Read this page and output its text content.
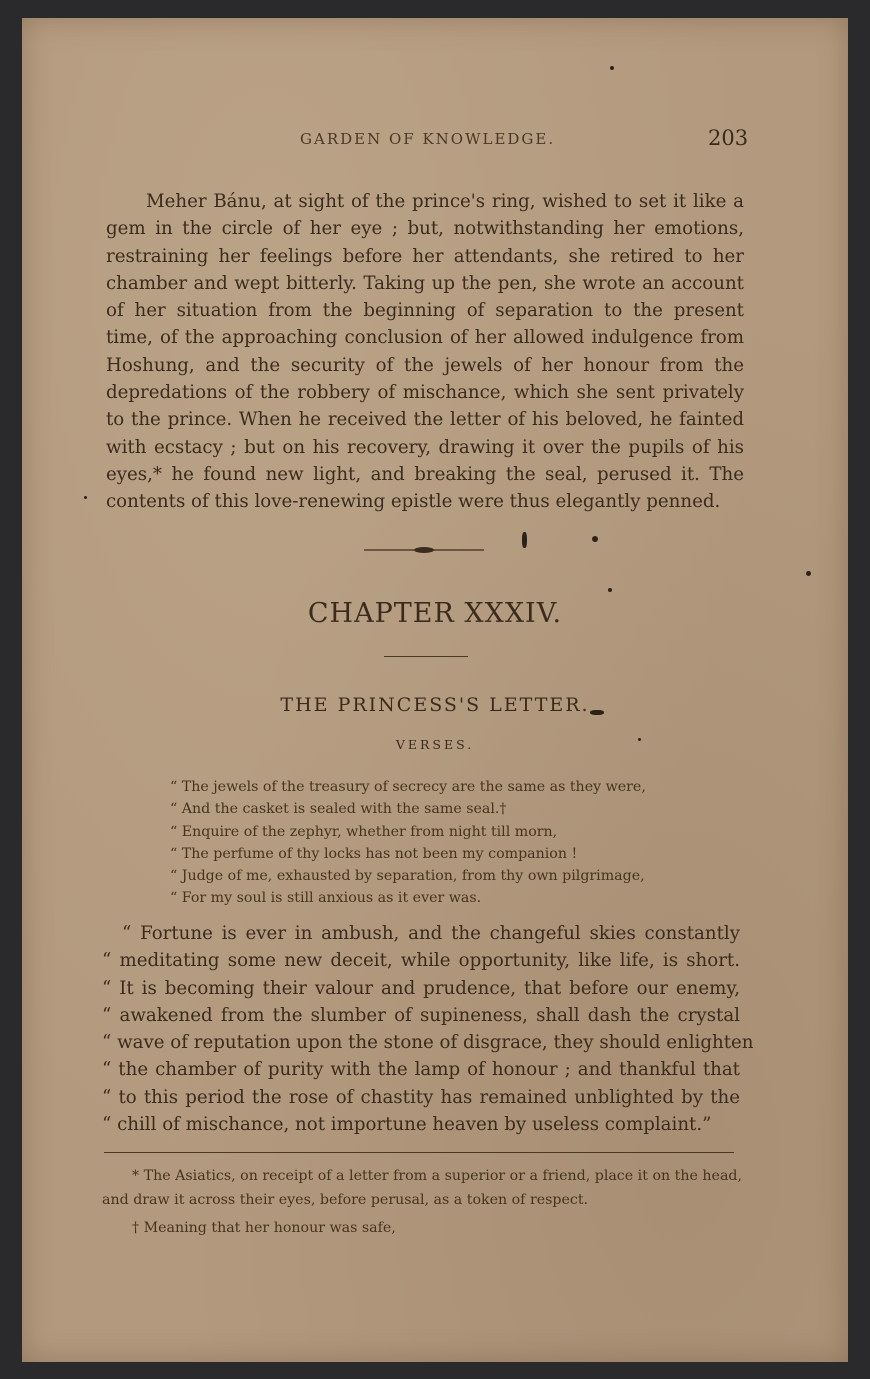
GARDEN OF KNOWLEDGE.	203

Meher Bánu, at sight of the prince's ring, wished to set it like a gem in the circle of her eye ; but, notwithstanding her emotions, restraining her feelings before her attendants, she retired to her chamber and wept bitterly. Taking up the pen, she wrote an account of her situation from the beginning of separation to the present time, of the approaching conclusion of her allowed indulgence from Hoshung, and the security of the jewels of her honour from the depredations of the robbery of mischance, which she sent privately to the prince. When he received the letter of his beloved, he fainted with ecstacy ; but on his recovery, drawing it over the pupils of his eyes,* he found new light, and breaking the seal, perused it. The contents of this love-renewing epistle were thus elegantly penned.

CHAPTER XXXIV.
THE PRINCESS'S LETTER.
VERSES.
“ The jewels of the treasury of secrecy are the same as they were,
“ And the casket is sealed with the same seal.†
“ Enquire of the zephyr, whether from night till morn,
“ The perfume of thy locks has not been my companion !
“ Judge of me, exhausted by separation, from thy own pilgrimage,
“ For my soul is still anxious as it ever was.
“ Fortune is ever in ambush, and the changeful skies constantly
“ meditating some new deceit, while opportunity, like life, is short.
“ It is becoming their valour and prudence, that before our enemy,
“ awakened from the slumber of supineness, shall dash the crystal
“ wave of reputation upon the stone of disgrace, they should enlighten
“ the chamber of purity with the lamp of honour ; and thankful that
“ to this period the rose of chastity has remained unblighted by the
“ chill of mischance, not importune heaven by useless complaint.”

* The Asiatics, on receipt of a letter from a superior or a friend, place it on the head, and draw it across their eyes, before perusal, as a token of respect.

† Meaning that her honour was safe,
